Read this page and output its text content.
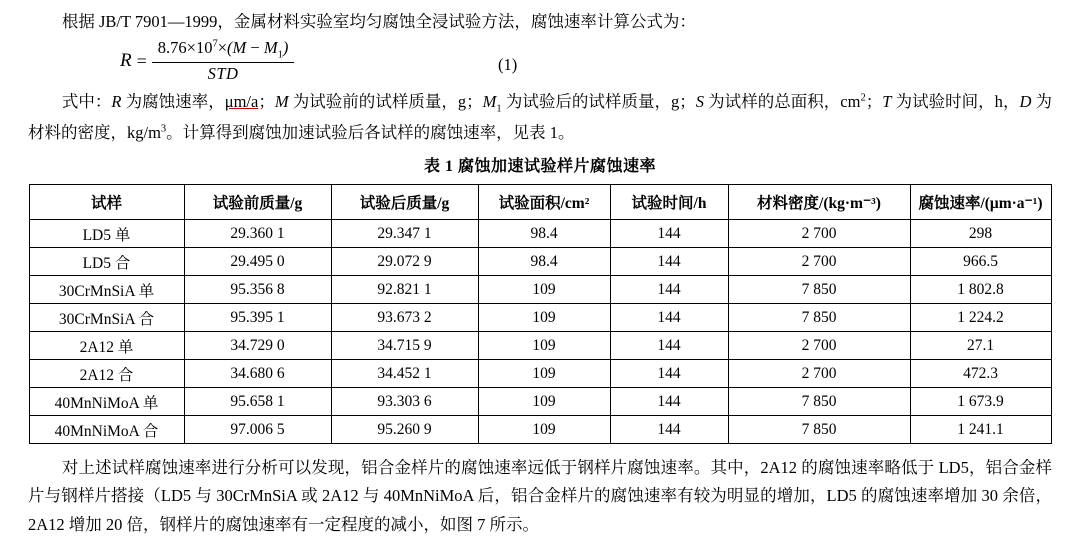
根据 JB/T 7901—1999，金属材料实验室均匀腐蚀全浸试验方法，腐蚀速率计算公式为：

$R = \frac{8.76\times 10^7\times(M - M_1)}{\text{STD}}$	(1)

式中：R 为腐蚀速率，μm/a；M 为试验前的试样质量，g；$M_1$ 为试验后的试样质量，g；S 为试样的总面积，$cm^2$；T 为试验时间，h，D 为材料的密度，$kg/m^3$。计算得到腐蚀加速试验后各试样的腐蚀速率，见表 1。

表 1 腐蚀加速试验样片腐蚀速率
试样	试验前质量/g	试验后质量/g	试验面积/cm²	试验时间/h	材料密度/(kg·m⁻³)	腐蚀速率/(μm·a⁻¹)
LD5 单	29.360 1	29.347 1	98.4	144	2 700	298
LD5 合	29.495 0	29.072 9	98.4	144	2 700	966.5
30CrMnSiA 单	95.356 8	92.821 1	109	144	7 850	1 802.8
30CrMnSiA 合	95.395 1	93.673 2	109	144	7 850	1 224.2
2A12 单	34.729 0	34.715 9	109	144	2 700	27.1
2A12 合	34.680 6	34.452 1	109	144	2 700	472.3
40MnNiMoA 单	95.658 1	93.303 6	109	144	7 850	1 673.9
40MnNiMoA 合	97.006 5	95.260 9	109	144	7 850	1 241.1

对上述试样腐蚀速率进行分析可以发现，铝合金样片的腐蚀速率远低于钢样片腐蚀速率。其中，2A12 的腐蚀速率略低于 LD5，铝合金样片与钢样片搭接（LD5 与 30CrMnSiA 或 2A12 与 40MnNiMoA 后，铝合金样片的腐蚀速率有较为明显的增加，LD5 的腐蚀速率增加 30 余倍，2A12 增加 20 倍，钢样片的腐蚀速率有一定程度的减小，如图 7 所示。
